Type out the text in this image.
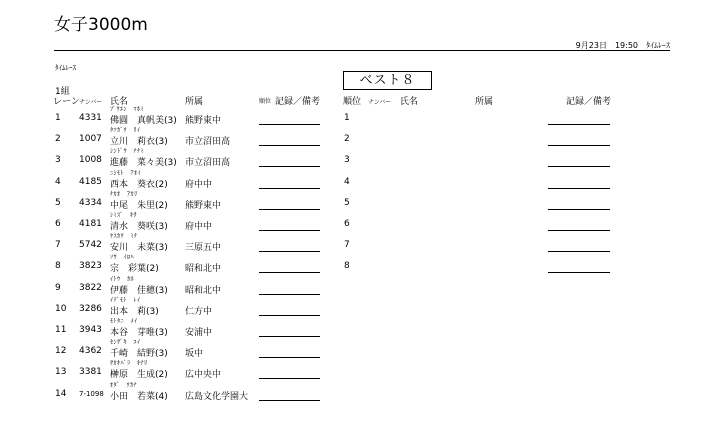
女子3000m
9月23日　19:50　ﾀｲﾑﾚｰｽ
ﾀｲﾑﾚｰｽ
1組
レーン ナンバー 氏名	所属	順位 記録／備考
ベスト８
順位 ナンバー 氏名	所属	記録／備考
ﾌﾞｳｴﾝ　ﾏﾎﾐ
1 4331 佛圓　真帆美(3) 熊野東中
ﾀﾂｶﾞﾜ　ﾘｲ
2 1007 立川　莉衣(3) 市立沼田高
ｼﾝﾄﾞｳ　ﾅﾅﾐ
3 1008 進藤　菜々美(3) 市立沼田高
ﾆｼﾓﾄ　ｱｵｲ
4 4185 西本　葵衣(2) 府中中
ﾅｶｵ　ｱｶﾘ
5 4334 中尾　朱里(2) 熊野東中
ｼﾐｽﾞ　ｷｻ
6 4181 清水　葵咲(3) 府中中
ﾔｽｶﾜ　ﾐﾅ
7 5742 安川　未菜(3) 三原五中
ｿｳ　ｲﾛﾊ
8 3823 宗　彩葉(2)	昭和北中
ｲﾄｳ　ｶﾎ
9 3822 伊藤　佳穂(3) 昭和北中
ｲﾃﾞﾓﾄ　ﾚｲ
10 3286 出本　莉(3)	仁方中
ﾓﾄﾀﾆ　ﾒｲ
11 3943 本谷　芽唯(3) 安浦中
ｾﾝｻﾞｷ　ﾕｲ
12 4362 千崎　結野(3) 坂中
ｻｶｷﾊﾞﾗ　ｷﾅﾘ
13 3381 榊原　生成(2) 広中央中
ｵﾀﾞ　ﾜｶﾅ
14 7-1098 小田　若菜(4) 広島文化学園大
1
2
3
4
5
6
7
8
